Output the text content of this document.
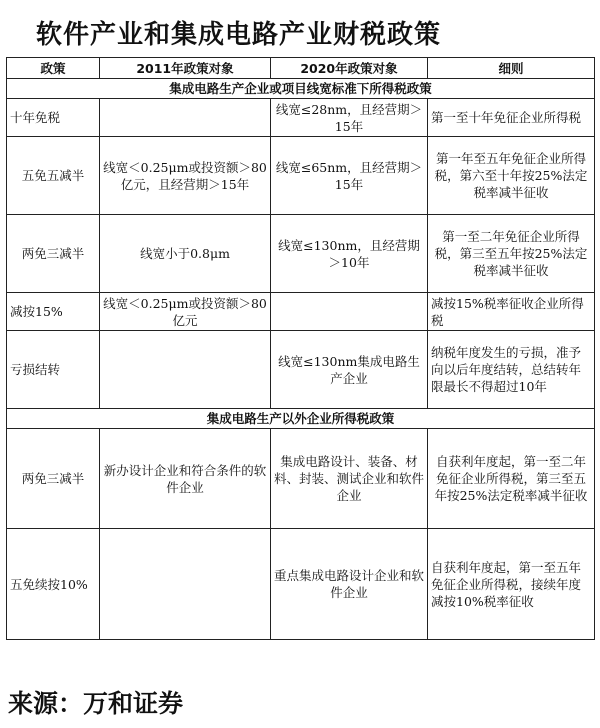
软件产业和集成电路产业财税政策
政策	2011年政策对象	2020年政策对象	细则
集成电路生产企业或项目线宽标准下所得税政策			
十年免税		线宽≤28nm，且经营期＞15年	第一至十年免征企业所得税
五免五减半	线宽＜0.25μm或投资额＞80亿元，且经营期＞15年	线宽≤65nm，且经营期＞15年	第一年至五年免征企业所得税，第六至十年按25%法定税率减半征收
两免三减半	线宽小于0.8μm	线宽≤130nm，且经营期＞10年	第一至二年免征企业所得税，第三至五年按25%法定税率减半征收
减按15%	线宽＜0.25μm或投资额＞80亿元		减按15%税率征收企业所得税
亏损结转		线宽≤130nm集成电路生产企业	纳税年度发生的亏损，准予向以后年度结转，总结转年限最长不得超过10年
集成电路生产以外企业所得税政策			
两免三减半	新办设计企业和符合条件的软件企业	集成电路设计、装备、材料、封装、测试企业和软件企业	自获利年度起，第一至二年免征企业所得税，第三至五年按25%法定税率减半征收
五免续按10%		重点集成电路设计企业和软件企业	自获利年度起，第一至五年免征企业所得税，接续年度减按10%税率征收
来源：万和证券
